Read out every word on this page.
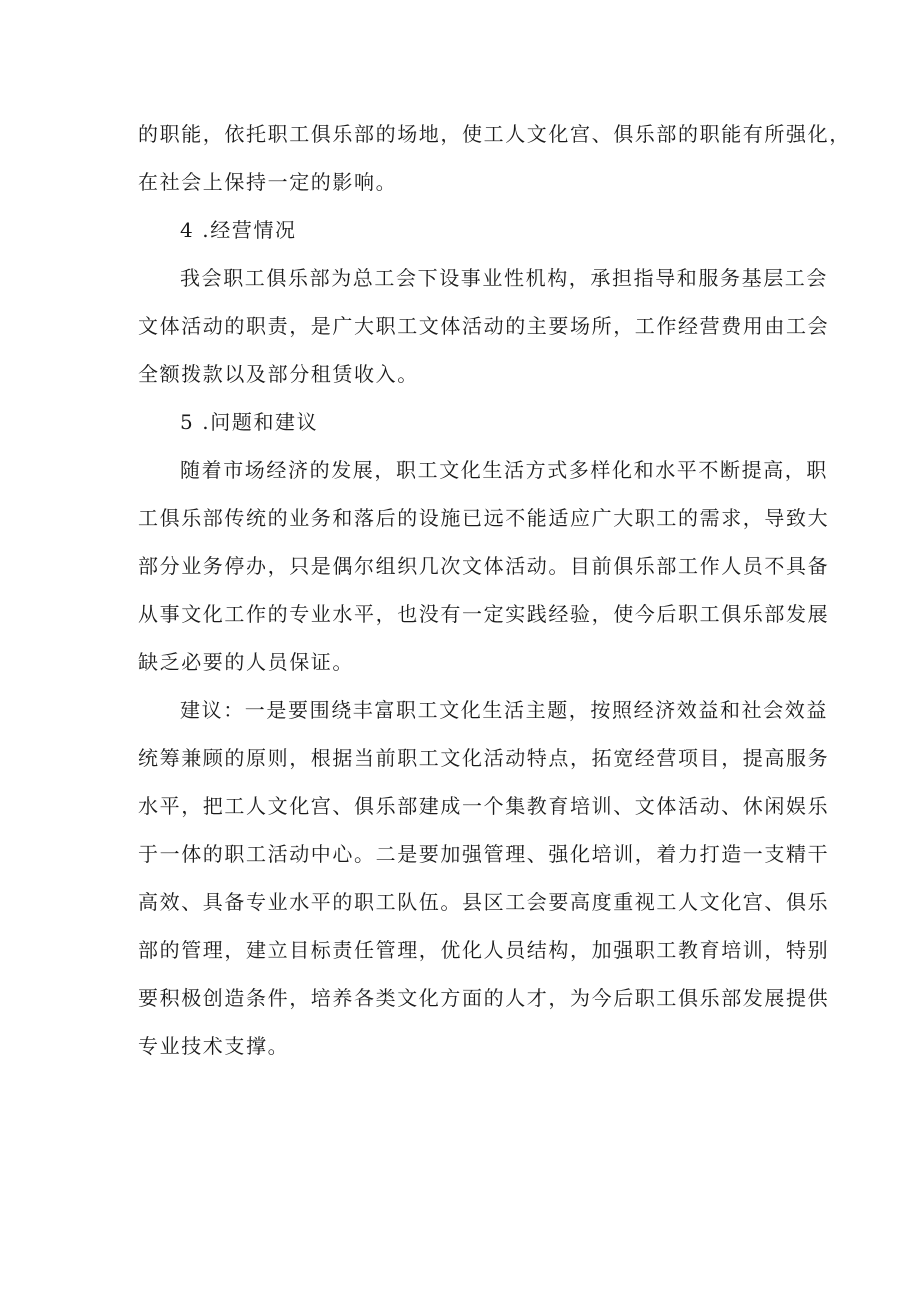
的职能，依托职工俱乐部的场地，使工人文化宫、俱乐部的职能有所强化，
在社会上保持一定的影响。
4 .经营情况
我会职工俱乐部为总工会下设事业性机构，承担指导和服务基层工会
文体活动的职责，是广大职工文体活动的主要场所，工作经营费用由工会
全额拨款以及部分租赁收入。
5 .问题和建议
随着市场经济的发展，职工文化生活方式多样化和水平不断提高，职
工俱乐部传统的业务和落后的设施已远不能适应广大职工的需求，导致大
部分业务停办，只是偶尔组织几次文体活动。目前俱乐部工作人员不具备
从事文化工作的专业水平，也没有一定实践经验，使今后职工俱乐部发展
缺乏必要的人员保证。
建议：一是要围绕丰富职工文化生活主题，按照经济效益和社会效益
统筹兼顾的原则，根据当前职工文化活动特点，拓宽经营项目，提高服务
水平，把工人文化宫、俱乐部建成一个集教育培训、文体活动、休闲娱乐
于一体的职工活动中心。二是要加强管理、强化培训，着力打造一支精干
高效、具备专业水平的职工队伍。县区工会要高度重视工人文化宫、俱乐
部的管理，建立目标责任管理，优化人员结构，加强职工教育培训，特别
要积极创造条件，培养各类文化方面的人才，为今后职工俱乐部发展提供
专业技术支撑。
